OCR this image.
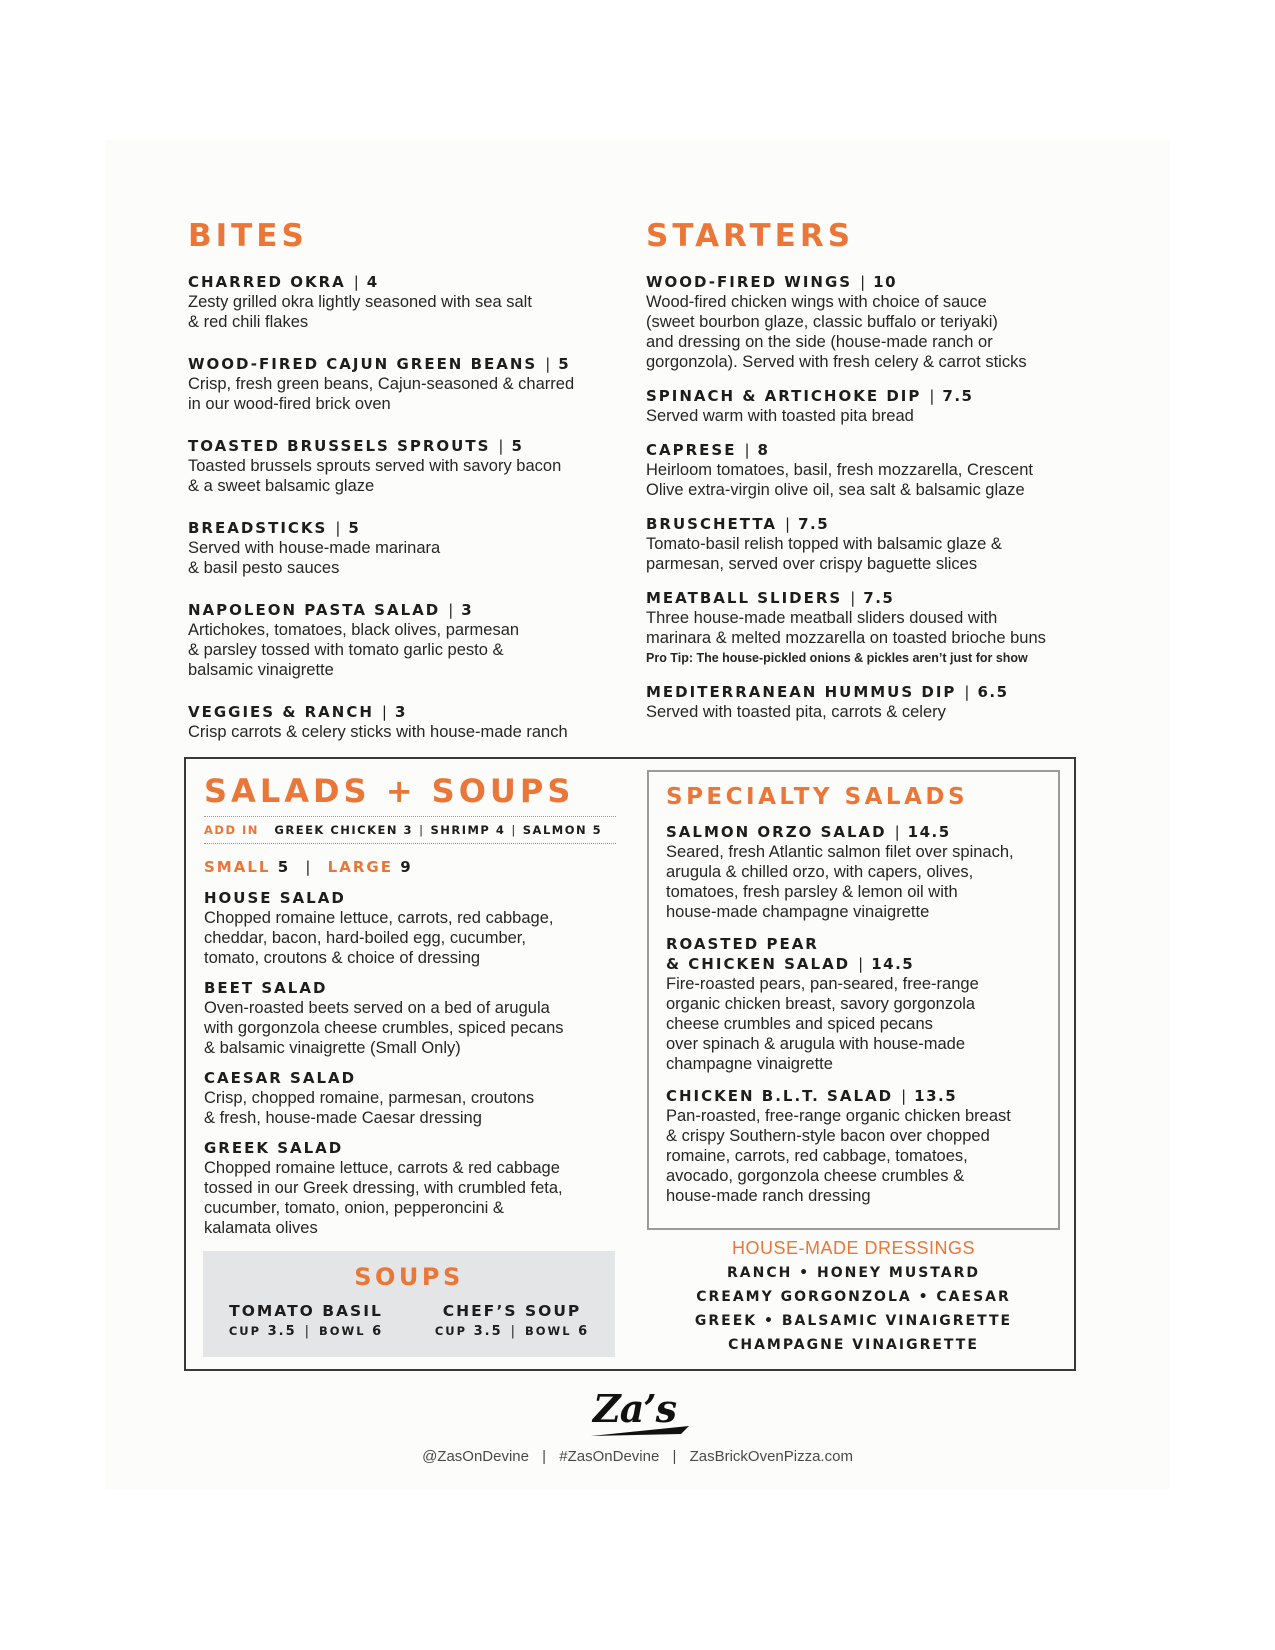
BITES
CHARRED OKRA | 4
Zesty grilled okra lightly seasoned with sea salt
& red chili flakes
WOOD-FIRED CAJUN GREEN BEANS | 5
Crisp, fresh green beans, Cajun-seasoned & charred
in our wood-fired brick oven
TOASTED BRUSSELS SPROUTS | 5
Toasted brussels sprouts served with savory bacon
& a sweet balsamic glaze
BREADSTICKS | 5
Served with house-made marinara
& basil pesto sauces
NAPOLEON PASTA SALAD | 3
Artichokes, tomatoes, black olives, parmesan
& parsley tossed with tomato garlic pesto &
balsamic vinaigrette
VEGGIES & RANCH | 3
Crisp carrots & celery sticks with house-made ranch
STARTERS
WOOD-FIRED WINGS | 10
Wood-fired chicken wings with choice of sauce
(sweet bourbon glaze, classic buffalo or teriyaki)
and dressing on the side (house-made ranch or
gorgonzola). Served with fresh celery & carrot sticks
SPINACH & ARTICHOKE DIP | 7.5
Served warm with toasted pita bread
CAPRESE | 8
Heirloom tomatoes, basil, fresh mozzarella, Crescent
Olive extra-virgin olive oil, sea salt & balsamic glaze
BRUSCHETTA | 7.5
Tomato-basil relish topped with balsamic glaze &
parmesan, served over crispy baguette slices
MEATBALL SLIDERS | 7.5
Three house-made meatball sliders doused with
marinara & melted mozzarella on toasted brioche buns
Pro Tip: The house-pickled onions & pickles aren’t just for show
MEDITERRANEAN HUMMUS DIP | 6.5
Served with toasted pita, carrots & celery
SALADS + SOUPS
ADD IN GREEK CHICKEN 3 | SHRIMP 4 | SALMON 5
SMALL 5 | LARGE 9
HOUSE SALAD
Chopped romaine lettuce, carrots, red cabbage,
cheddar, bacon, hard-boiled egg, cucumber,
tomato, croutons & choice of dressing
BEET SALAD
Oven-roasted beets served on a bed of arugula
with gorgonzola cheese crumbles, spiced pecans
& balsamic vinaigrette (Small Only)
CAESAR SALAD
Crisp, chopped romaine, parmesan, croutons
& fresh, house-made Caesar dressing
GREEK SALAD
Chopped romaine lettuce, carrots & red cabbage
tossed in our Greek dressing, with crumbled feta,
cucumber, tomato, onion, pepperoncini &
kalamata olives
SOUPS
TOMATO BASIL
CUP 3.5 | BOWL 6
CHEF’S SOUP
CUP 3.5 | BOWL 6
SPECIALTY SALADS
SALMON ORZO SALAD | 14.5
Seared, fresh Atlantic salmon filet over spinach,
arugula & chilled orzo, with capers, olives,
tomatoes, fresh parsley & lemon oil with
house-made champagne vinaigrette
ROASTED PEAR
& CHICKEN SALAD | 14.5
Fire-roasted pears, pan-seared, free-range
organic chicken breast, savory gorgonzola
cheese crumbles and spiced pecans
over spinach & arugula with house-made
champagne vinaigrette
CHICKEN B.L.T. SALAD | 13.5
Pan-roasted, free-range organic chicken breast
& crispy Southern-style bacon over chopped
romaine, carrots, red cabbage, tomatoes,
avocado, gorgonzola cheese crumbles &
house-made ranch dressing
HOUSE-MADE DRESSINGS
RANCH • HONEY MUSTARD
CREAMY GORGONZOLA • CAESAR
GREEK • BALSAMIC VINAIGRETTE
CHAMPAGNE VINAIGRETTE
Za’s
@ZasOnDevine | #ZasOnDevine | ZasBrickOvenPizza.com
